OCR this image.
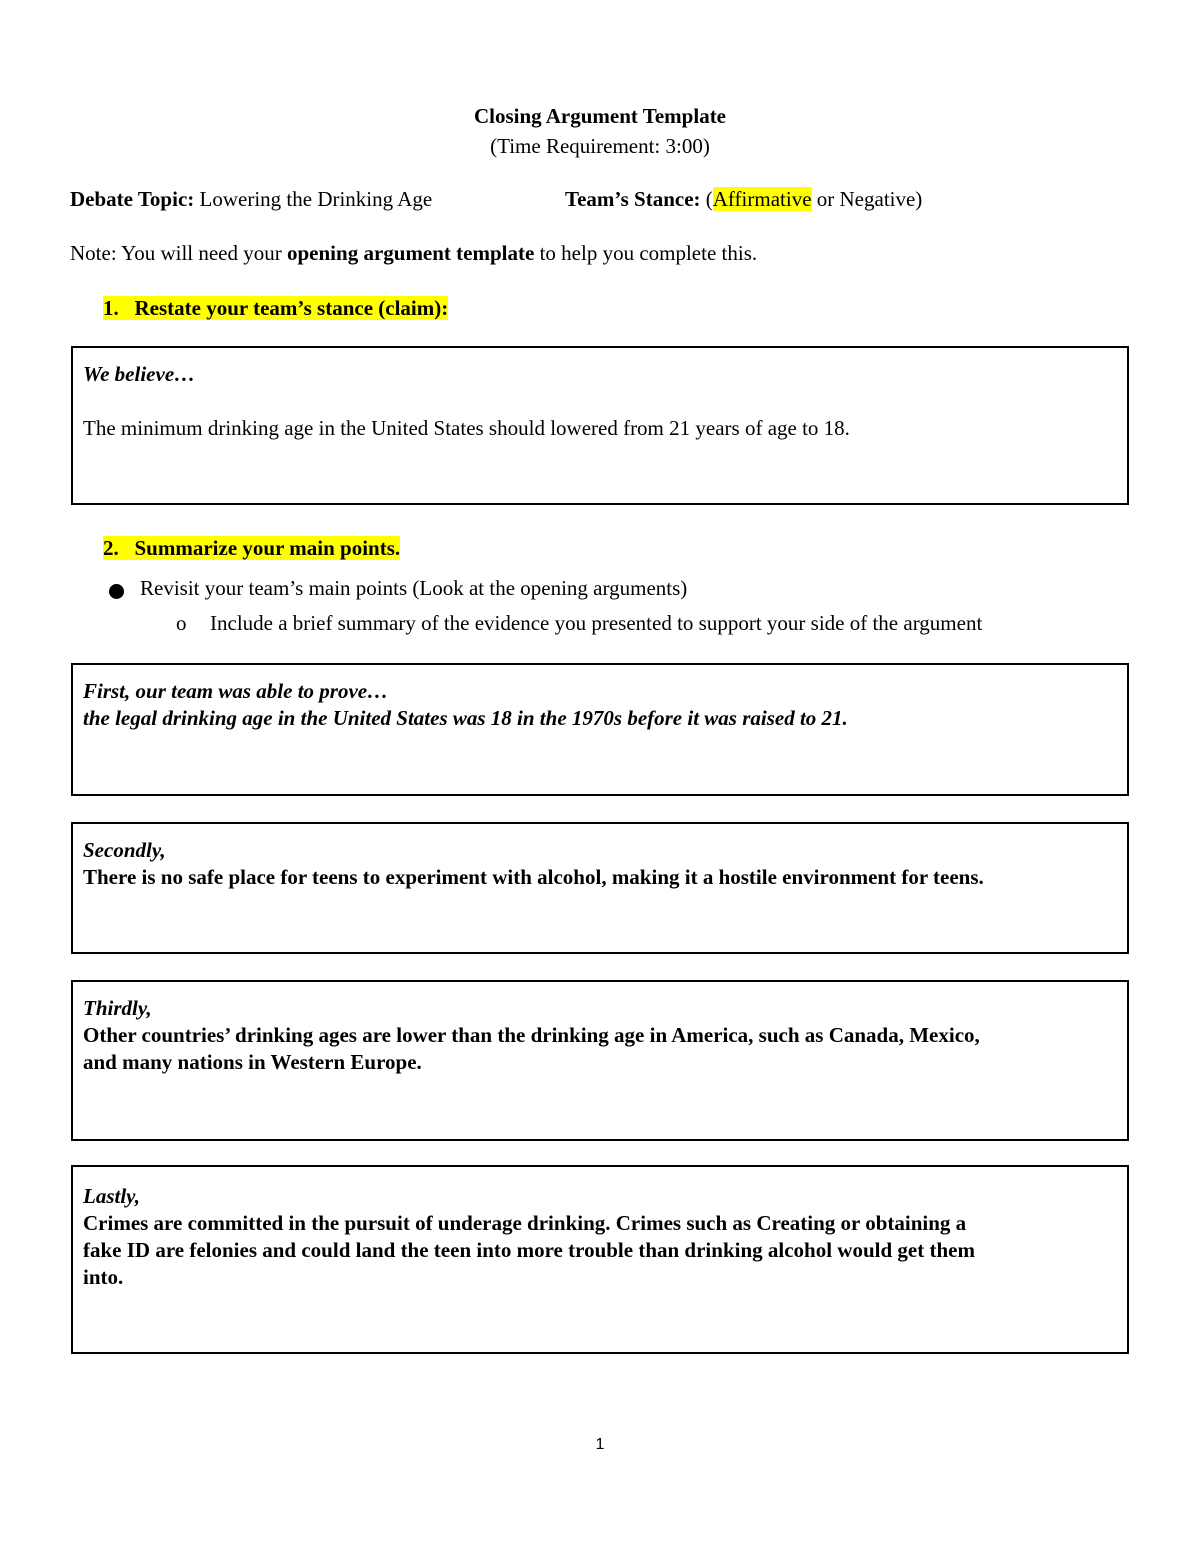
Closing Argument Template
(Time Requirement: 3:00)
Debate Topic: Lowering the Drinking Age	Team’s Stance: (Affirmative or Negative)
Note: You will need your opening argument template to help you complete this.
1.   Restate your team’s stance (claim):
We believe…
The minimum drinking age in the United States should lowered from 21 years of age to 18.
2.   Summarize your main points.
Revisit your team’s main points (Look at the opening arguments)
o Include a brief summary of the evidence you presented to support your side of the argument
First, our team was able to prove…
the legal drinking age in the United States was 18 in the 1970s before it was raised to 21.
Secondly,
There is no safe place for teens to experiment with alcohol, making it a hostile environment for teens.
Thirdly,
Other countries’ drinking ages are lower than the drinking age in America, such as Canada, Mexico,
and many nations in Western Europe.
Lastly,
Crimes are committed in the pursuit of underage drinking. Crimes such as Creating or obtaining a
fake ID are felonies and could land the teen into more trouble than drinking alcohol would get them
into.
1
